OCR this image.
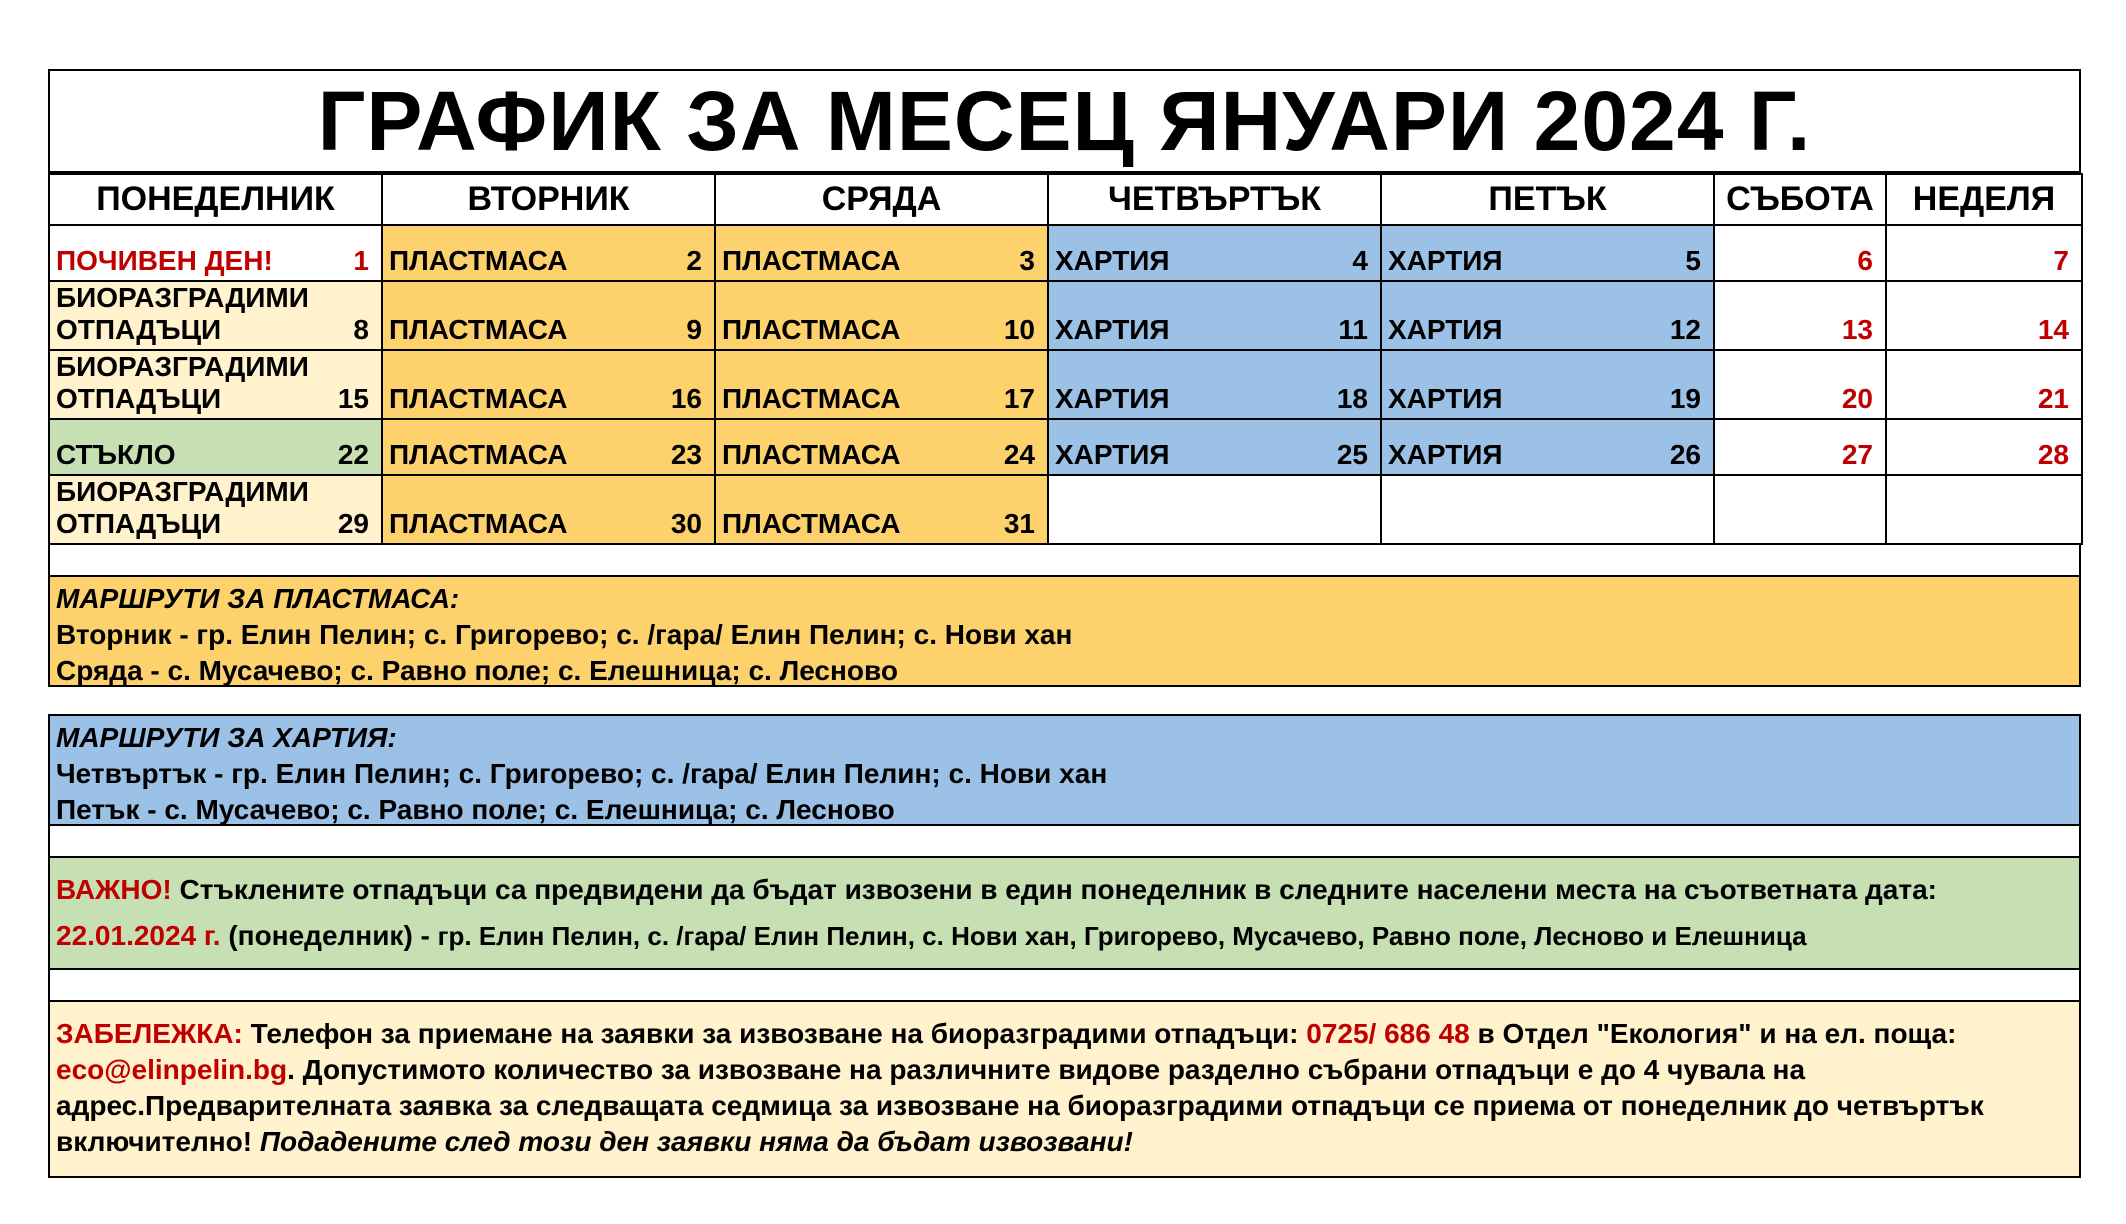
ГРАФИК ЗА МЕСЕЦ ЯНУАРИ 2024 Г.
ПОНЕДЕЛНИК	ВТОРНИК	СРЯДА	ЧЕТВЪРТЪК	ПЕТЪК	СЪБОТА	НЕДЕЛЯ

ПОЧИВЕН ДЕН! 1	ПЛАСТМАСА 2	ПЛАСТМАСА 3	ХАРТИЯ 4	ХАРТИЯ 5	6	7

БИОРАЗГРАДИМИ ОТПАДЪЦИ 8	ПЛАСТМАСА 9	ПЛАСТМАСА 10	ХАРТИЯ 11	ХАРТИЯ 12	13	14

БИОРАЗГРАДИМИ ОТПАДЪЦИ 15	ПЛАСТМАСА 16	ПЛАСТМАСА 17	ХАРТИЯ 18	ХАРТИЯ 19	20	21

СТЪКЛО 22	ПЛАСТМАСА 23	ПЛАСТМАСА 24	ХАРТИЯ 25	ХАРТИЯ 26	27	28

БИОРАЗГРАДИМИ ОТПАДЪЦИ 29	ПЛАСТМАСА 30	ПЛАСТМАСА 31				

МАРШРУТИ ЗА ПЛАСТМАСА:
Вторник - гр. Елин Пелин; с. Григорево; с. /гара/ Елин Пелин; с. Нови хан
Сряда - с. Мусачево; с. Равно поле; с. Елешница; с. Лесново
МАРШРУТИ ЗА ХАРТИЯ:
Четвъртък - гр. Елин Пелин; с. Григорево; с. /гара/ Елин Пелин; с. Нови хан
Петък - с. Мусачево; с. Равно поле; с. Елешница; с. Лесново
ВАЖНО! Стъклените отпадъци са предвидени да бъдат извозени в един понеделник в следните населени места на съответната дата:
22.01.2024 г. (понеделник) - гр. Елин Пелин, с. /гара/ Елин Пелин, с. Нови хан, Григорево, Мусачево, Равно поле, Лесново и Елешница
ЗАБЕЛЕЖКА: Телефон за приемане на заявки за извозване на биоразградими отпадъци: 0725/ 686 48 в Отдел "Екология" и на ел. поща: eco@elinpelin.bg. Допустимото количество за извозване на различните видове разделно събрани отпадъци е до 4 чувала на адрес.Предварителната заявка за следващата седмица за извозване на биоразградими отпадъци се приема от понеделник до четвъртък включително! Подадените след този ден заявки няма да бъдат извозвани!
